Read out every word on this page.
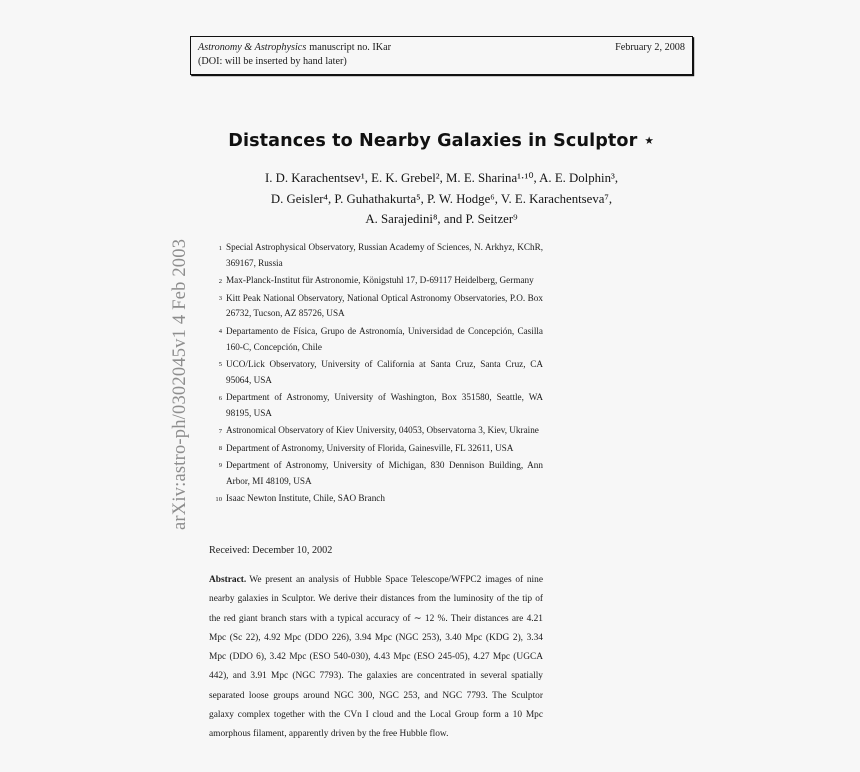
arXiv:astro-ph/0302045v1 4 Feb 2003
Astronomy & Astrophysics manuscript no. IKar	February 2, 2008
(DOI: will be inserted by hand later)
Distances to Nearby Galaxies in Sculptor ⋆
I. D. Karachentsev¹, E. K. Grebel², M. E. Sharina¹·¹⁰, A. E. Dolphin³,
D. Geisler⁴, P. Guhathakurta⁵, P. W. Hodge⁶, V. E. Karachentseva⁷,
A. Sarajedini⁸, and P. Seitzer⁹
1 Special Astrophysical Observatory, Russian Academy of Sciences, N. Arkhyz, KChR, 369167, Russia
2 Max-Planck-Institut für Astronomie, Königstuhl 17, D-69117 Heidelberg, Germany
3 Kitt Peak National Observatory, National Optical Astronomy Observatories, P.O. Box 26732, Tucson, AZ 85726, USA
4 Departamento de Física, Grupo de Astronomía, Universidad de Concepción, Casilla 160-C, Concepción, Chile
5 UCO/Lick Observatory, University of California at Santa Cruz, Santa Cruz, CA 95064, USA
6 Department of Astronomy, University of Washington, Box 351580, Seattle, WA 98195, USA
7 Astronomical Observatory of Kiev University, 04053, Observatorna 3, Kiev, Ukraine
8 Department of Astronomy, University of Florida, Gainesville, FL 32611, USA
9 Department of Astronomy, University of Michigan, 830 Dennison Building, Ann Arbor, MI 48109, USA
10 Isaac Newton Institute, Chile, SAO Branch
Received: December 10, 2002
Abstract. We present an analysis of Hubble Space Telescope/WFPC2 images of nine nearby galaxies in Sculptor. We derive their distances from the luminosity of the tip of the red giant branch stars with a typical accuracy of ∼ 12 %. Their distances are 4.21 Mpc (Sc 22), 4.92 Mpc (DDO 226), 3.94 Mpc (NGC 253), 3.40 Mpc (KDG 2), 3.34 Mpc (DDO 6), 3.42 Mpc (ESO 540-030), 4.43 Mpc (ESO 245-05), 4.27 Mpc (UGCA 442), and 3.91 Mpc (NGC 7793). The galaxies are concentrated in several spatially separated loose groups around NGC 300, NGC 253, and NGC 7793. The Sculptor galaxy complex together with the CVn I cloud and the Local Group form a 10 Mpc amorphous filament, apparently driven by the free Hubble flow.
